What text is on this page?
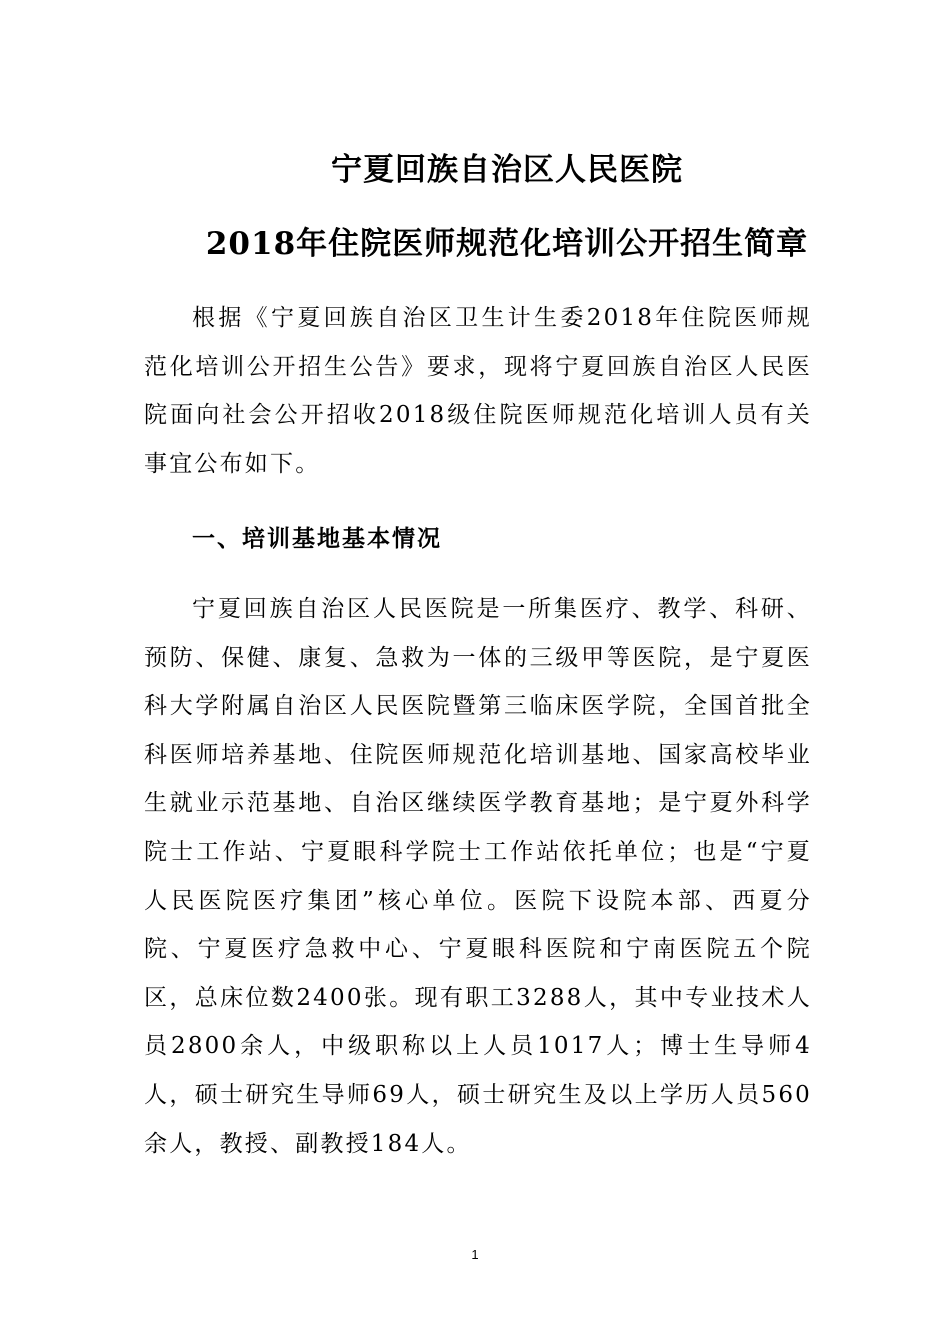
宁夏回族自治区人民医院
2018年住院医师规范化培训公开招生简章

根据《宁夏回族自治区卫生计生委2018年住院医师规范化培训公开招生公告》要求，现将宁夏回族自治区人民医院面向社会公开招收2018级住院医师规范化培训人员有关事宜公布如下。

一、培训基地基本情况

宁夏回族自治区人民医院是一所集医疗、教学、科研、预防、保健、康复、急救为一体的三级甲等医院，是宁夏医科大学附属自治区人民医院暨第三临床医学院，全国首批全科医师培养基地、住院医师规范化培训基地、国家高校毕业生就业示范基地、自治区继续医学教育基地；是宁夏外科学院士工作站、宁夏眼科学院士工作站依托单位；也是“宁夏人民医院医疗集团”核心单位。医院下设院本部、西夏分院、宁夏医疗急救中心、宁夏眼科医院和宁南医院五个院区，总床位数2400张。现有职工3288人，其中专业技术人员2800余人，中级职称以上人员1017人；博士生导师4人，硕士研究生导师69人，硕士研究生及以上学历人员560余人，教授、副教授184人。

1
